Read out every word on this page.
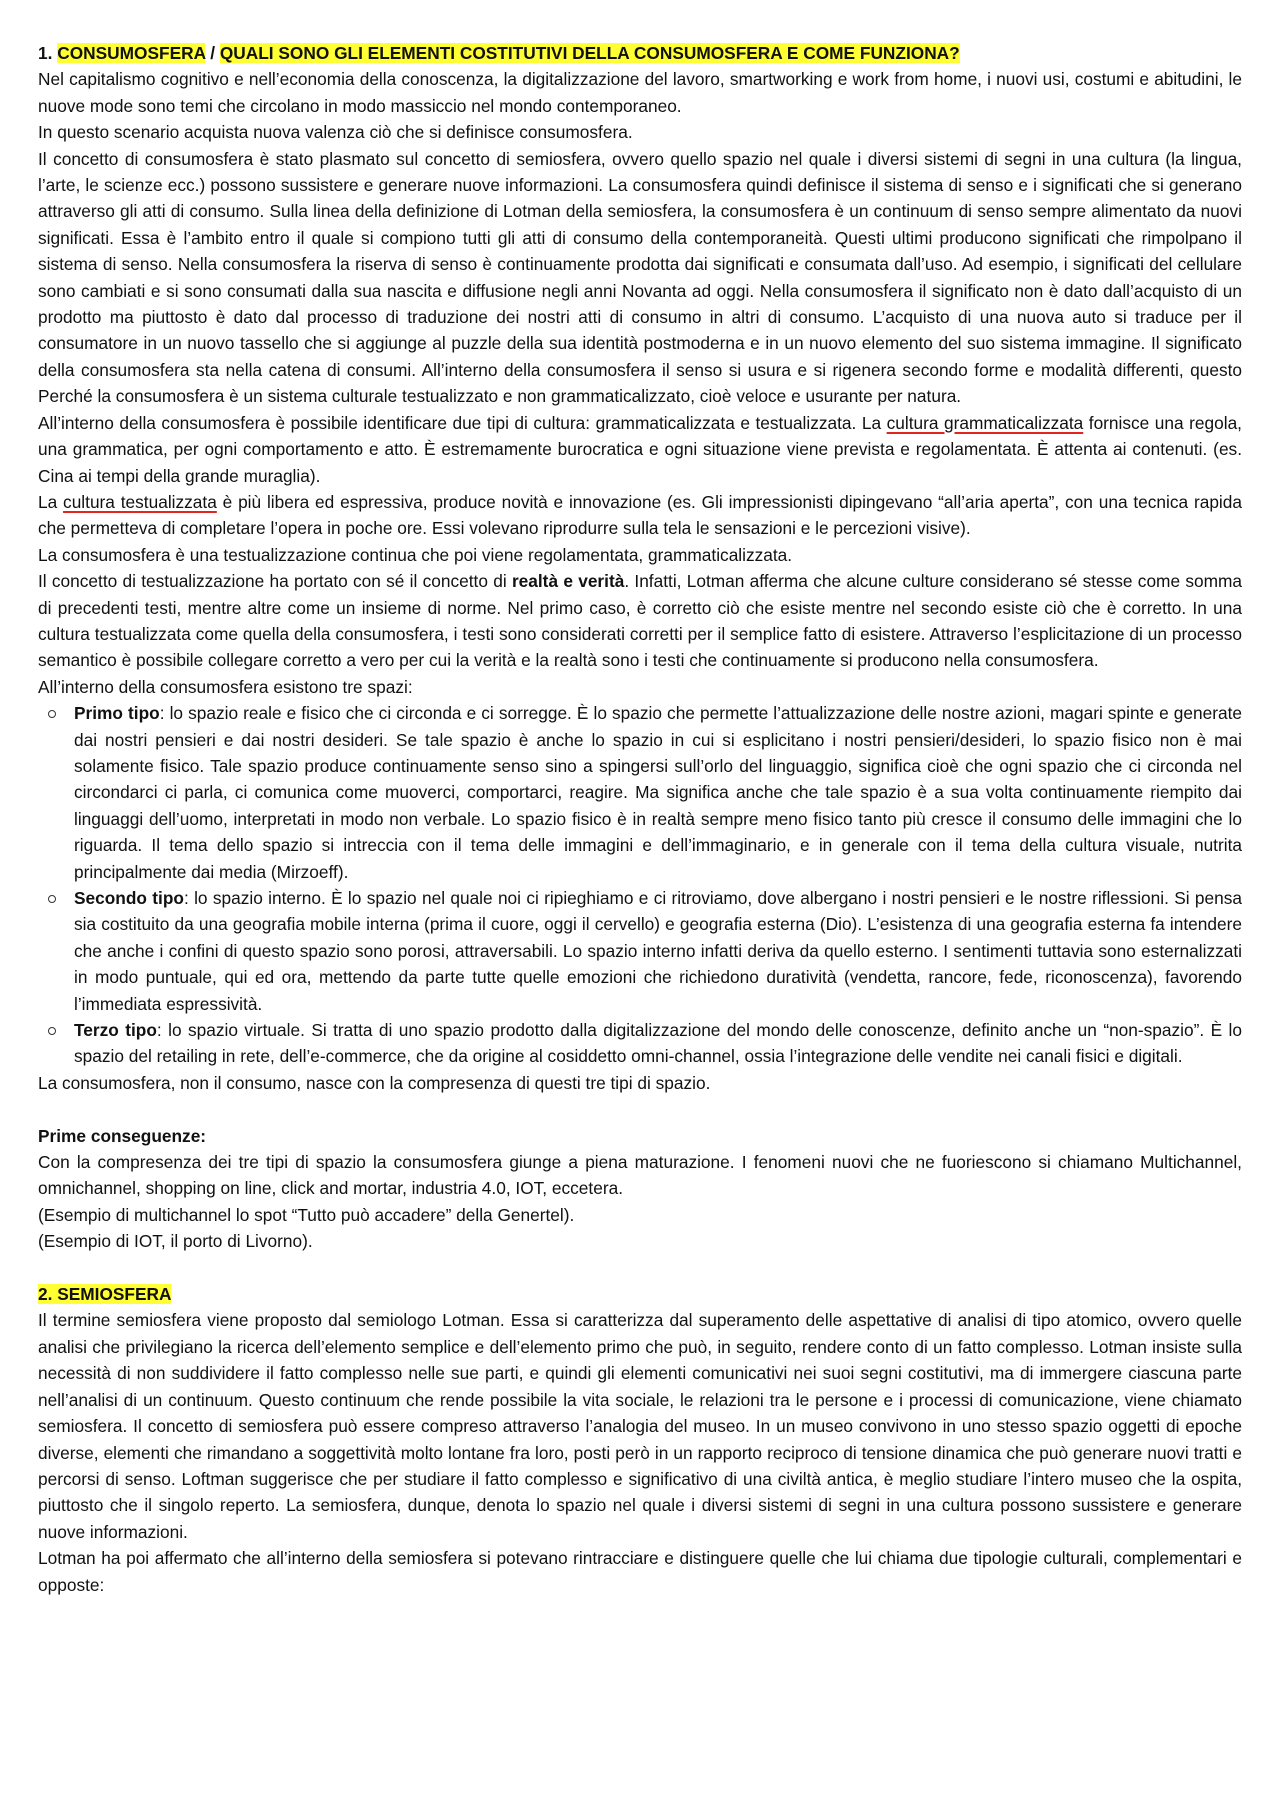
1. CONSUMOSFERA / QUALI SONO GLI ELEMENTI COSTITUTIVI DELLA CONSUMOSFERA E COME FUNZIONA?

Nel capitalismo cognitivo e nell’economia della conoscenza, la digitalizzazione del lavoro, smartworking e work from home, i nuovi usi, costumi e abitudini, le nuove mode sono temi che circolano in modo massiccio nel mondo contemporaneo.

In questo scenario acquista nuova valenza ciò che si definisce consumosfera.

Il concetto di consumosfera è stato plasmato sul concetto di semiosfera, ovvero quello spazio nel quale i diversi sistemi di segni in una cultura (la lingua, l’arte, le scienze ecc.) possono sussistere e generare nuove informazioni. La consumosfera quindi definisce il sistema di senso e i significati che si generano attraverso gli atti di consumo. Sulla linea della definizione di Lotman della semiosfera, la consumosfera è un continuum di senso sempre alimentato da nuovi significati. Essa è l’ambito entro il quale si compiono tutti gli atti di consumo della contemporaneità. Questi ultimi producono significati che rimpolpano il sistema di senso. Nella consumosfera la riserva di senso è continuamente prodotta dai significati e consumata dall’uso. Ad esempio, i significati del cellulare sono cambiati e si sono consumati dalla sua nascita e diffusione negli anni Novanta ad oggi. Nella consumosfera il significato non è dato dall’acquisto di un prodotto ma piuttosto è dato dal processo di traduzione dei nostri atti di consumo in altri di consumo. L’acquisto di una nuova auto si traduce per il consumatore in un nuovo tassello che si aggiunge al puzzle della sua identità postmoderna e in un nuovo elemento del suo sistema immagine. Il significato della consumosfera sta nella catena di consumi. All’interno della consumosfera il senso si usura e si rigenera secondo forme e modalità differenti, questo Perché la consumosfera è un sistema culturale testualizzato e non grammaticalizzato, cioè veloce e usurante per natura.

All’interno della consumosfera è possibile identificare due tipi di cultura: grammaticalizzata e testualizzata. La cultura grammaticalizzata fornisce una regola, una grammatica, per ogni comportamento e atto. È estremamente burocratica e ogni situazione viene prevista e regolamentata. È attenta ai contenuti. (es. Cina ai tempi della grande muraglia).

La cultura testualizzata è più libera ed espressiva, produce novità e innovazione (es. Gli impressionisti dipingevano “all’aria aperta”, con una tecnica rapida che permetteva di completare l’opera in poche ore. Essi volevano riprodurre sulla tela le sensazioni e le percezioni visive).

La consumosfera è una testualizzazione continua che poi viene regolamentata, grammaticalizzata.

Il concetto di testualizzazione ha portato con sé il concetto di realtà e verità. Infatti, Lotman afferma che alcune culture considerano sé stesse come somma di precedenti testi, mentre altre come un insieme di norme. Nel primo caso, è corretto ciò che esiste mentre nel secondo esiste ciò che è corretto. In una cultura testualizzata come quella della consumosfera, i testi sono considerati corretti per il semplice fatto di esistere. Attraverso l’esplicitazione di un processo semantico è possibile collegare corretto a vero per cui la verità e la realtà sono i testi che continuamente si producono nella consumosfera.

All’interno della consumosfera esistono tre spazi:

Primo tipo: lo spazio reale e fisico che ci circonda e ci sorregge. È lo spazio che permette l’attualizzazione delle nostre azioni, magari spinte e generate dai nostri pensieri e dai nostri desideri. Se tale spazio è anche lo spazio in cui si esplicitano i nostri pensieri/desideri, lo spazio fisico non è mai solamente fisico. Tale spazio produce continuamente senso sino a spingersi sull’orlo del linguaggio, significa cioè che ogni spazio che ci circonda nel circondarci ci parla, ci comunica come muoverci, comportarci, reagire. Ma significa anche che tale spazio è a sua volta continuamente riempito dai linguaggi dell’uomo, interpretati in modo non verbale. Lo spazio fisico è in realtà sempre meno fisico tanto più cresce il consumo delle immagini che lo riguarda. Il tema dello spazio si intreccia con il tema delle immagini e dell’immaginario, e in generale con il tema della cultura visuale, nutrita principalmente dai media (Mirzoeff).
Secondo tipo: lo spazio interno. È lo spazio nel quale noi ci ripieghiamo e ci ritroviamo, dove albergano i nostri pensieri e le nostre riflessioni. Si pensa sia costituito da una geografia mobile interna (prima il cuore, oggi il cervello) e geografia esterna (Dio). L’esistenza di una geografia esterna fa intendere che anche i confini di questo spazio sono porosi, attraversabili. Lo spazio interno infatti deriva da quello esterno. I sentimenti tuttavia sono esternalizzati in modo puntuale, qui ed ora, mettendo da parte tutte quelle emozioni che richiedono duratività (vendetta, rancore, fede, riconoscenza), favorendo l’immediata espressività.
Terzo tipo: lo spazio virtuale. Si tratta di uno spazio prodotto dalla digitalizzazione del mondo delle conoscenze, definito anche un “non-spazio”. È lo spazio del retailing in rete, dell’e-commerce, che da origine al cosiddetto omni-channel, ossia l’integrazione delle vendite nei canali fisici e digitali.

La consumosfera, non il consumo, nasce con la compresenza di questi tre tipi di spazio.

Prime conseguenze:

Con la compresenza dei tre tipi di spazio la consumosfera giunge a piena maturazione. I fenomeni nuovi che ne fuoriescono si chiamano Multichannel, omnichannel, shopping on line, click and mortar, industria 4.0, IOT, eccetera.

(Esempio di multichannel lo spot “Tutto può accadere” della Genertel).

(Esempio di IOT, il porto di Livorno).

2. SEMIOSFERA

Il termine semiosfera viene proposto dal semiologo Lotman. Essa si caratterizza dal superamento delle aspettative di analisi di tipo atomico, ovvero quelle analisi che privilegiano la ricerca dell’elemento semplice e dell’elemento primo che può, in seguito, rendere conto di un fatto complesso. Lotman insiste sulla necessità di non suddividere il fatto complesso nelle sue parti, e quindi gli elementi comunicativi nei suoi segni costitutivi, ma di immergere ciascuna parte nell’analisi di un continuum. Questo continuum che rende possibile la vita sociale, le relazioni tra le persone e i processi di comunicazione, viene chiamato semiosfera. Il concetto di semiosfera può essere compreso attraverso l’analogia del museo. In un museo convivono in uno stesso spazio oggetti di epoche diverse, elementi che rimandano a soggettività molto lontane fra loro, posti però in un rapporto reciproco di tensione dinamica che può generare nuovi tratti e percorsi di senso. Loftman suggerisce che per studiare il fatto complesso e significativo di una civiltà antica, è meglio studiare l’intero museo che la ospita, piuttosto che il singolo reperto. La semiosfera, dunque, denota lo spazio nel quale i diversi sistemi di segni in una cultura possono sussistere e generare nuove informazioni.

Lotman ha poi affermato che all’interno della semiosfera si potevano rintracciare e distinguere quelle che lui chiama due tipologie culturali, complementari e opposte:
